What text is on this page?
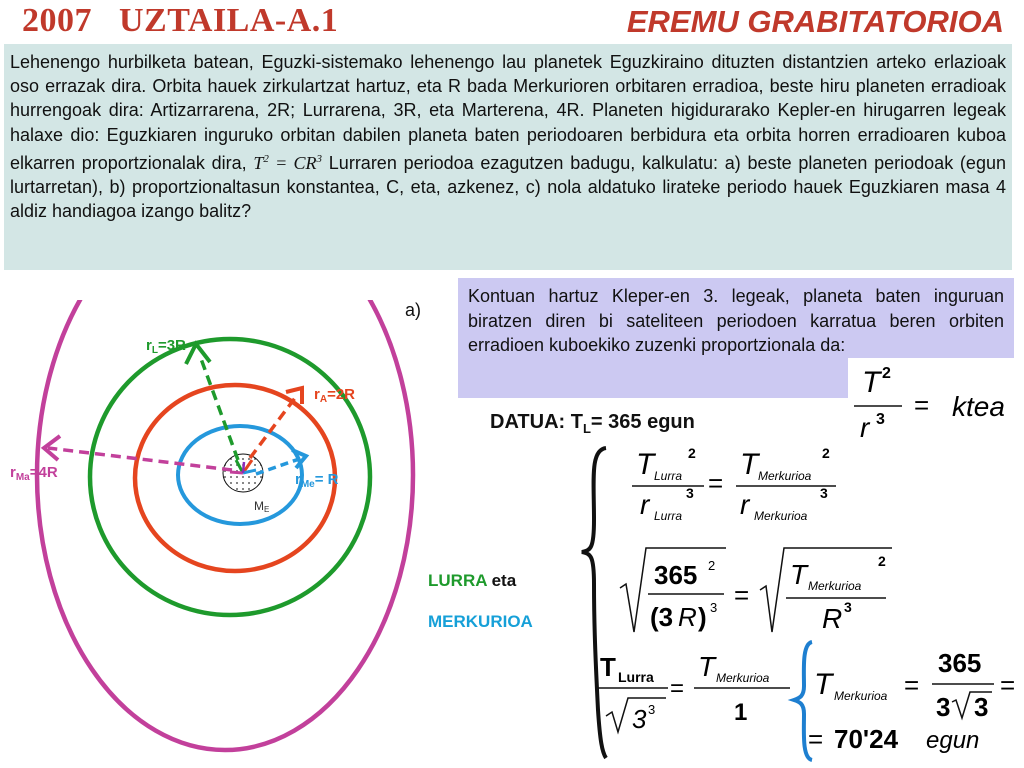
2007   UZTAILA-A.1	EREMU GRABITATORIOA
Lehenengo hurbilketa batean, Eguzki-sistemako lehenengo lau planetek Eguzkiraino dituzten distantzien arteko erlazioak oso errazak dira. Orbita hauek zirkulartzat hartuz, eta R bada Merkurioren orbitaren erradioa, beste hiru planeten erradioak hurrengoak dira: Artizarrarena, 2R; Lurrarena, 3R, eta Marterena, 4R. Planeten higidurarako Kepler-en hirugarren legeak halaxe dio: Eguzkiaren inguruko orbitan dabilen planeta baten periodoaren berbidura eta orbita horren erradioaren kuboa elkarren proportzionalak dira, $T^2 = CR^3$ Lurraren periodoa ezagutzen badugu, kalkulatu: a) beste planeten periodoak (egun lurtarretan), b) proportzionaltasun konstantea, C, eta, azkenez, c) nola aldatuko lirateke periodo hauek Eguzkiaren masa 4 aldiz handiagoa izango balitz?
a)
Kontuan hartuz Kleper-en 3. legeak, planeta baten inguruan biratzen diren bi sateliteen periodoen karratua beren orbiten erradioen kuboekiko zuzenki proportzionala da:
T 2
r 3 = ktea
DATUA: $T_L= 365$ egun
$r_L=3R$
$r_A=2R$
$r_{Ma}=4R$	$r_{Me}= R$
ME
LURRA eta
MERKURIOA
T Lurra
2
r Lurra
3 =
T Merkurioa
2
r Merkurioa
3
365 2
(3 R ) 3 =
T Merkurioa
2
R 3
T Lurra
3 3
=
T Merkurioa
1
T Merkurioa =
365
3 3
=
= 70'24 egun
